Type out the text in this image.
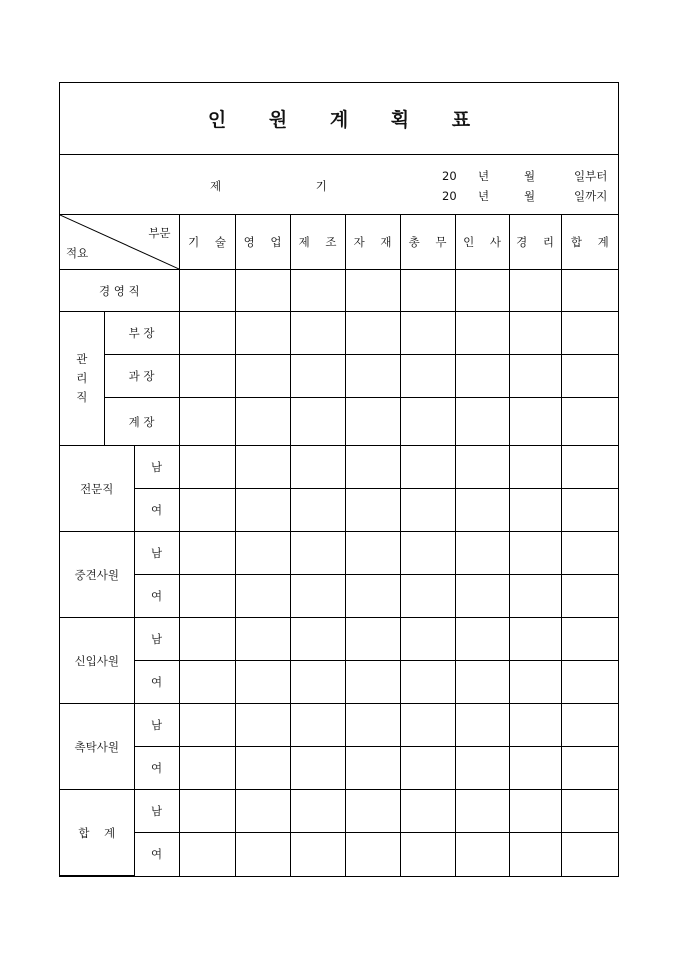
인 원 계 획 표
제    기
20 년	월	일부터
20 년	월	일까지
부문
적요			기 술	영 업	제 조	자 재	총 무	인 사	경 리	합 계
경 영 직										
관
리
직	부 장									
	과 장									
	계 장									
전문직		남								
		여								
중견사원		남								
		여								
신입사원		남								
		여								
촉탁사원		남								
		여								
합    계		남								
		여								
